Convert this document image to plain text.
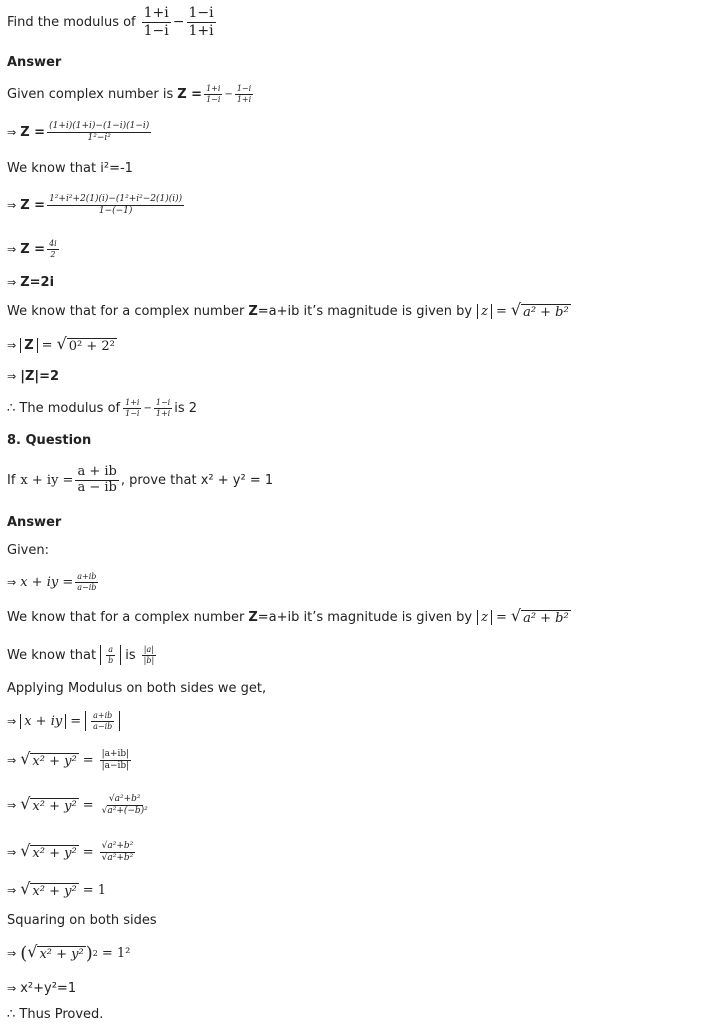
Find the modulus of $\frac{1+i}{1-i} - \frac{1-i}{1+i}$
Answer
Given complex number is $Z = \frac{1+i}{1-i} - \frac{1-i}{1+i}$
⇒ $Z = \frac{(1+i)(1+i)-(1-i)(1-i)}{\text{1²−i²}}$
We know that i²=-1
⇒ $Z = \frac{\text{1²+i²+2(1)(i)−(1²+i²−2(1)(i))}}{1-(-1)}$
⇒ $Z = \frac{4i}{2}$
⇒ Z=2i
We know that for a complex number Z =a+ib it’s magnitude is given by z = √ a² + b²
⇒ Z = √ 0² + 2²
⇒ |Z|=2
∴ The modulus of $\frac{1+i}{1-i} - \frac{1-i}{1+i}$ is 2
8. Question
If x + iy = $\frac{a + ib}{a - ib}$ , prove that x² + y² = 1
Answer
Given:
⇒ x + iy = $\frac{a+ib}{a-ib}$
We know that for a complex number Z =a+ib it’s magnitude is given by z = √ a² + b²
We know that $\frac{a}{b}$ is $\frac{|a|}{|b|}$
Applying Modulus on both sides we get,
⇒ x + iy = $\frac{a+ib}{a-ib}$
⇒ √ $x^2 + y^2 = \frac{|a+ib|}{|a-ib|}$
⇒ √ $x^2 + y^2 = \frac{\text{√a²+b²}}{\text{√a²+(−b)²}}$
⇒ √ $x^2 + y^2 = \frac{\text{√a²+b²}}{\text{√a²+b²}}$
⇒ √ x² + y² = 1
Squaring on both sides
⇒ ( √ x² + y² ) 2 = 1²
⇒ x²+y²=1
∴ Thus Proved.
